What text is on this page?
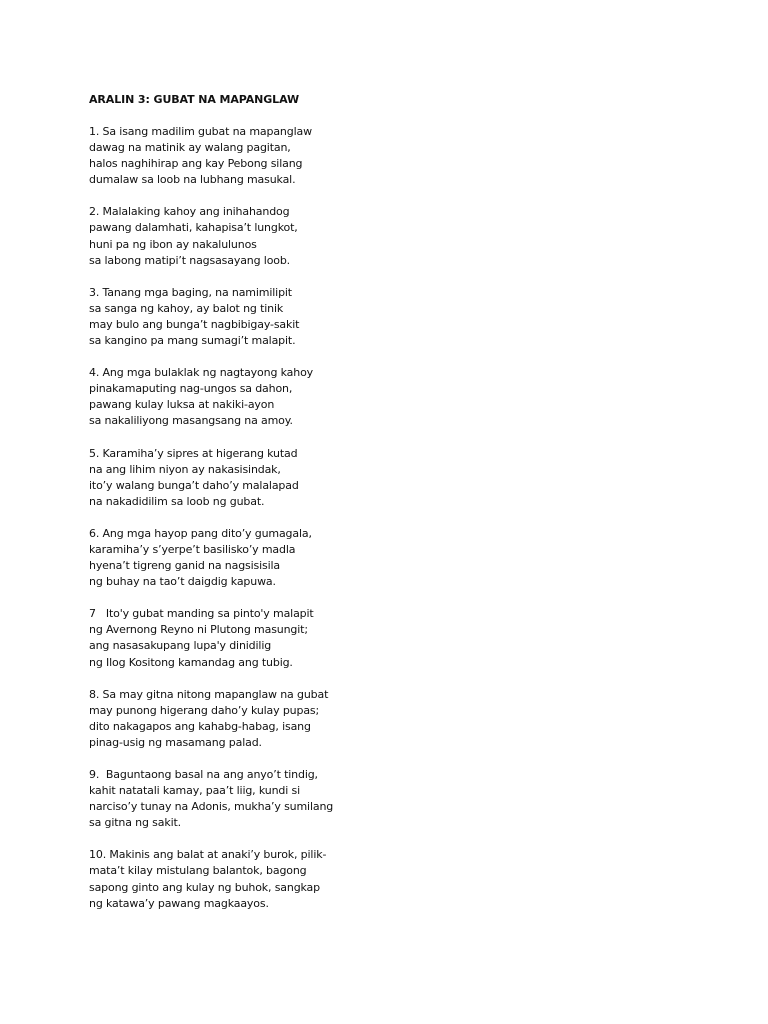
ARALIN 3: GUBAT NA MAPANGLAW
1. Sa isang madilim gubat na mapanglaw
dawag na matinik ay walang pagitan,
halos naghihirap ang kay Pebong silang
dumalaw sa loob na lubhang masukal.
2. Malalaking kahoy ang inihahandog
pawang dalamhati, kahapisa’t lungkot,
huni pa ng ibon ay nakalulunos
sa labong matipi’t nagsasayang loob.
3. Tanang mga baging, na namimilipit
sa sanga ng kahoy, ay balot ng tinik
may bulo ang bunga’t nagbibigay-sakit
sa kangino pa mang sumagi’t malapit.
4. Ang mga bulaklak ng nagtayong kahoy
pinakamaputing nag-ungos sa dahon,
pawang kulay luksa at nakiki-ayon
sa nakaliliyong masangsang na amoy.
5. Karamiha’y sipres at higerang kutad
na ang lihim niyon ay nakasisindak,
ito’y walang bunga’t daho’y malalapad
na nakadidilim sa loob ng gubat.
6. Ang mga hayop pang dito’y gumagala,
karamiha’y s’yerpe’t basilisko’y madla
hyena’t tigreng ganid na nagsisisila
ng buhay na tao’t daigdig kapuwa.
7   Ito'y gubat manding sa pinto'y malapit
ng Avernong Reyno ni Plutong masungit;
ang nasasakupang lupa'y dinidilig
ng Ilog Kositong kamandag ang tubig.
8. Sa may gitna nitong mapanglaw na gubat
may punong higerang daho’y kulay pupas;
dito nakagapos ang kahabg-habag, isang
pinag-usig ng masamang palad.
9.  Baguntaong basal na ang anyo’t tindig,
kahit natatali kamay, paa’t liig, kundi si
narciso’y tunay na Adonis, mukha’y sumilang
sa gitna ng sakit.
10. Makinis ang balat at anaki’y burok, pilik-
mata’t kilay mistulang balantok, bagong
sapong ginto ang kulay ng buhok, sangkap
ng katawa’y pawang magkaayos.
